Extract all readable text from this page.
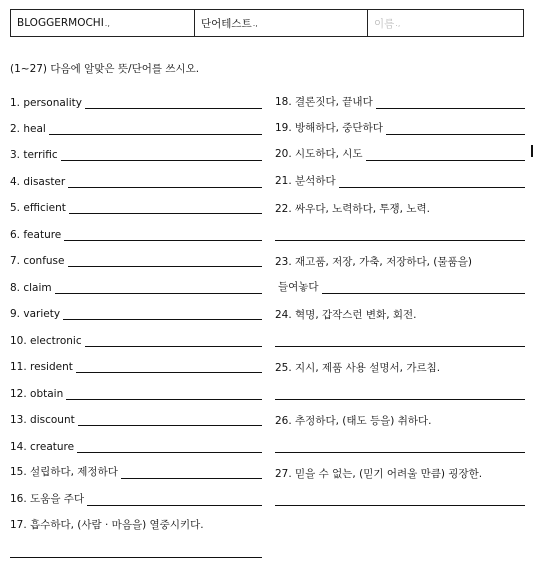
BLOGGERMOCHI .,	단어테스트 .,	이름 .,
(1~27) 다음에 알맞은 뜻/단어를 쓰시오.
1. personality
2. heal
3. terrific
4. disaster
5. efficient
6. feature
7. confuse
8. claim
9. variety
10. electronic
11. resident
12. obtain
13. discount
14. creature
15. 설립하다, 제정하다
16. 도움을 주다
17. 흡수하다, (사람 · 마음을) 열중시키다.
18. 결론짓다, 끝내다
19. 방해하다, 중단하다
20. 시도하다, 시도
21. 분석하다
22. 싸우다, 노력하다, 투쟁, 노력.
23. 재고품, 저장, 가축, 저장하다, (물품을)
들여놓다
24. 혁명, 갑작스런 변화, 회전.
25. 지시, 제품 사용 설명서, 가르침.
26. 추정하다, (태도 등을) 취하다.
27. 믿을 수 없는, (믿기 어려울 만큼) 굉장한.
